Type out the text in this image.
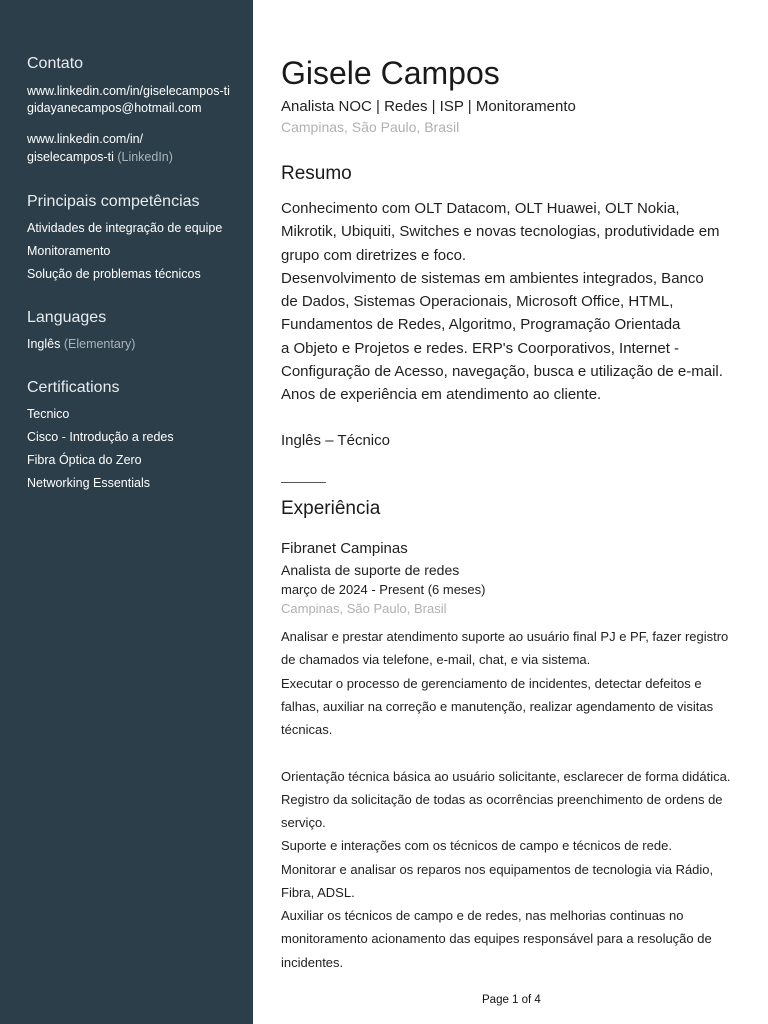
Contato
www.linkedin.com/in/giselecampos-ti
gidayanecampos@hotmail.com
www.linkedin.com/in/
giselecampos-ti (LinkedIn)
Principais competências
Atividades de integração de equipe
Monitoramento
Solução de problemas técnicos
Languages
Inglês (Elementary)
Certifications
Tecnico
Cisco - Introdução a redes
Fibra Óptica do Zero
Networking Essentials
Gisele Campos
Analista NOC | Redes | ISP | Monitoramento
Campinas, São Paulo, Brasil
Resumo
Conhecimento com OLT Datacom, OLT Huawei, OLT Nokia,
Mikrotik, Ubiquiti, Switches e novas tecnologias, produtividade em
grupo com diretrizes e foco.
Desenvolvimento de sistemas em ambientes integrados, Banco
de Dados, Sistemas Operacionais, Microsoft Office, HTML,
Fundamentos de Redes, Algoritmo, Programação Orientada
a Objeto e Projetos e redes. ERP's Coorporativos, Internet -
Configuração de Acesso, navegação, busca e utilização de e-mail.
Anos de experiência em atendimento ao cliente.
Inglês – Técnico
Experiência
Fibranet Campinas
Analista de suporte de redes
março de 2024 - Present (6 meses)
Campinas, São Paulo, Brasil
Analisar e prestar atendimento suporte ao usuário final PJ e PF, fazer registro
de chamados via telefone, e-mail, chat, e via sistema.
Executar o processo de gerenciamento de incidentes, detectar defeitos e
falhas, auxiliar na correção e manutenção, realizar agendamento de visitas
técnicas.
Orientação técnica básica ao usuário solicitante, esclarecer de forma didática.
Registro da solicitação de todas as ocorrências preenchimento de ordens de
serviço.
Suporte e interações com os técnicos de campo e técnicos de rede.
Monitorar e analisar os reparos nos equipamentos de tecnologia via Rádio,
Fibra, ADSL.
Auxiliar os técnicos de campo e de redes, nas melhorias continuas no
monitoramento acionamento das equipes responsável para a resolução de
incidentes.
Page 1 of 4
